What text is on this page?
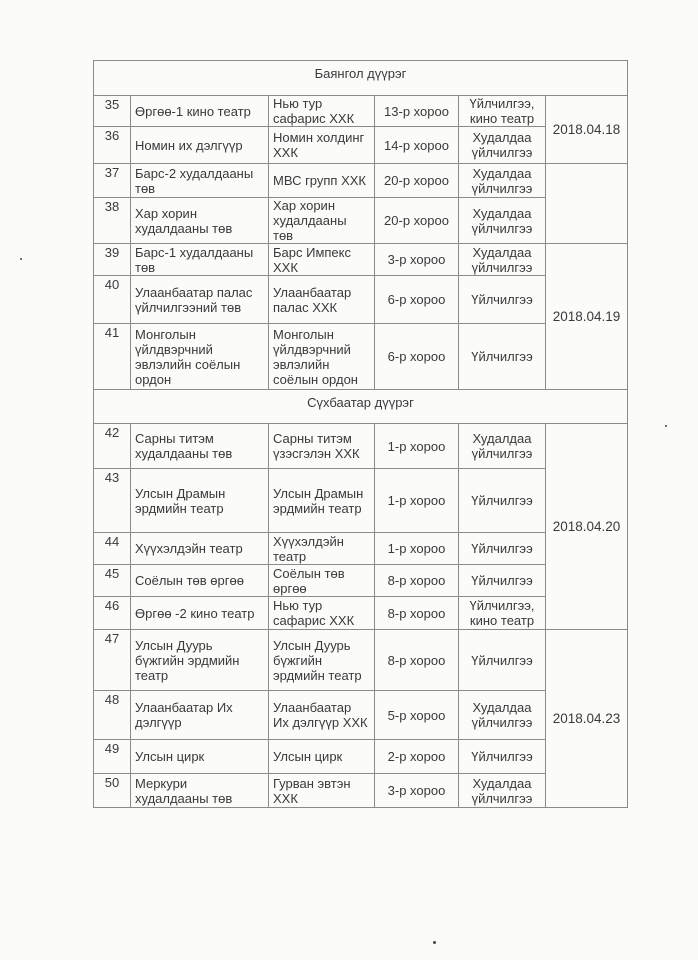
Баянгол дүүрэг					
35	Өргөө-1 кино театр	Нью тур сафарис ХХК	13-р хороо	Үйлчилгээ, кино театр	2018.04.18
36	Номин их дэлгүүр	Номин холдинг ХХК	14-р хороо	Худалдаа үйлчилгээ	
37	Барс-2 худалдааны төв	МВС групп ХХК	20-р хороо	Худалдаа үйлчилгээ	
38	Хар хорин худалдааны төв	Хар хорин худалдааны төв	20-р хороо	Худалдаа үйлчилгээ	
39	Барс-1 худалдааны төв	Барс Импекс ХХК	3-р хороо	Худалдаа үйлчилгээ	2018.04.19
40	Улаанбаатар палас үйлчилгээний төв	Улаанбаатар палас ХХК	6-р хороо	Үйлчилгээ	
41	Монголын үйлдвэрчний эвлэлийн соёлын ордон	Монголын үйлдвэрчний эвлэлийн соёлын ордон	6-р хороо	Үйлчилгээ	
Сүхбаатар дүүрэг					
42	Сарны титэм худалдааны төв	Сарны титэм үзэсгэлэн ХХК	1-р хороо	Худалдаа үйлчилгээ	2018.04.20
43	Улсын Драмын эрдмийн театр	Улсын Драмын эрдмийн театр	1-р хороо	Үйлчилгээ	
44	Хүүхэлдэйн театр	Хүүхэлдэйн театр	1-р хороо	Үйлчилгээ	
45	Соёлын төв өргөө	Соёлын төв өргөө	8-р хороо	Үйлчилгээ	
46	Өргөө -2 кино театр	Нью тур сафарис ХХК	8-р хороо	Үйлчилгээ, кино театр	
47	Улсын Дуурь бүжгийн эрдмийн театр	Улсын Дуурь бүжгийн эрдмийн театр	8-р хороо	Үйлчилгээ	2018.04.23
48	Улаанбаатар Их дэлгүүр	Улаанбаатар Их дэлгүүр ХХК	5-р хороо	Худалдаа үйлчилгээ	
49	Улсын цирк	Улсын цирк	2-р хороо	Үйлчилгээ	
50	Меркури худалдааны төв	Гурван эвтэн ХХК	3-р хороо	Худалдаа үйлчилгээ	
